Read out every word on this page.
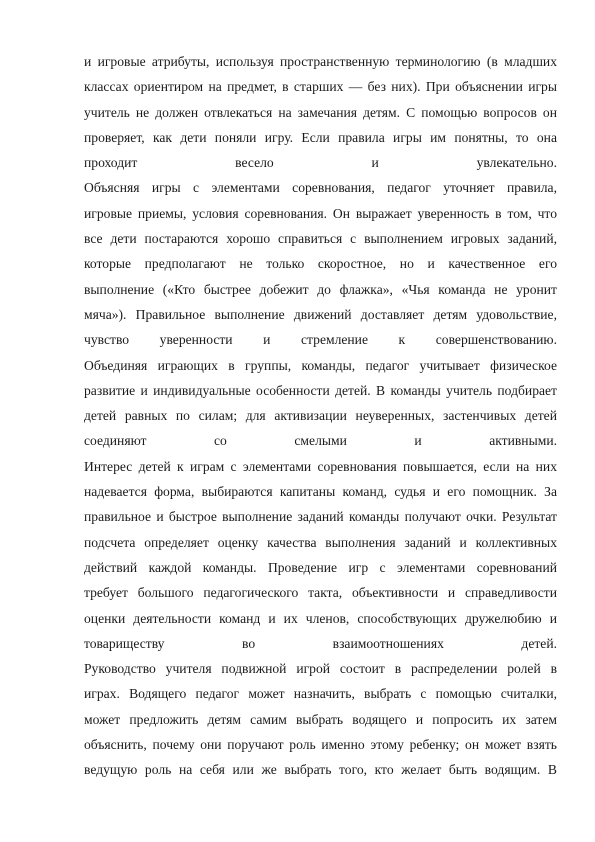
и игровые атрибуты, используя пространственную терминологию (в младших
классах ориентиром на предмет, в старших — без них). При объяснении игры
учитель не должен отвлекаться на замечания детям. С помощью вопросов он
проверяет, как дети поняли игру. Если правила игры им понятны, то она
проходит весело и увлекательно.
Объясняя игры с элементами соревнования, педагог уточняет правила,
игровые приемы, условия соревнования. Он выражает уверенность в том, что
все дети постараются хорошо справиться с выполнением игровых заданий,
которые предполагают не только скоростное, но и качественное его
выполнение («Кто быстрее добежит до флажка», «Чья команда не уронит
мяча»). Правильное выполнение движений доставляет детям удовольствие,
чувство уверенности и стремление к совершенствованию.
Объединяя играющих в группы, команды, педагог учитывает физическое
развитие и индивидуальные особенности детей. В команды учитель подбирает
детей равных по силам; для активизации неуверенных, застенчивых детей
соединяют со смелыми и активными.
Интерес детей к играм с элементами соревнования повышается, если на них
надевается форма, выбираются капитаны команд, судья и его помощник. За
правильное и быстрое выполнение заданий команды получают очки. Результат
подсчета определяет оценку качества выполнения заданий и коллективных
действий каждой команды. Проведение игр с элементами соревнований
требует большого педагогического такта, объективности и справедливости
оценки деятельности команд и их членов, способствующих дружелюбию и
товариществу во взаимоотношениях детей.
Руководство учителя подвижной игрой состоит в распределении ролей в
играх. Водящего педагог может назначить, выбрать с помощью считалки,
может предложить детям самим выбрать водящего и попросить их затем
объяснить, почему они поручают роль именно этому ребенку; он может взять
ведущую роль на себя или же выбрать того, кто желает быть водящим. В
